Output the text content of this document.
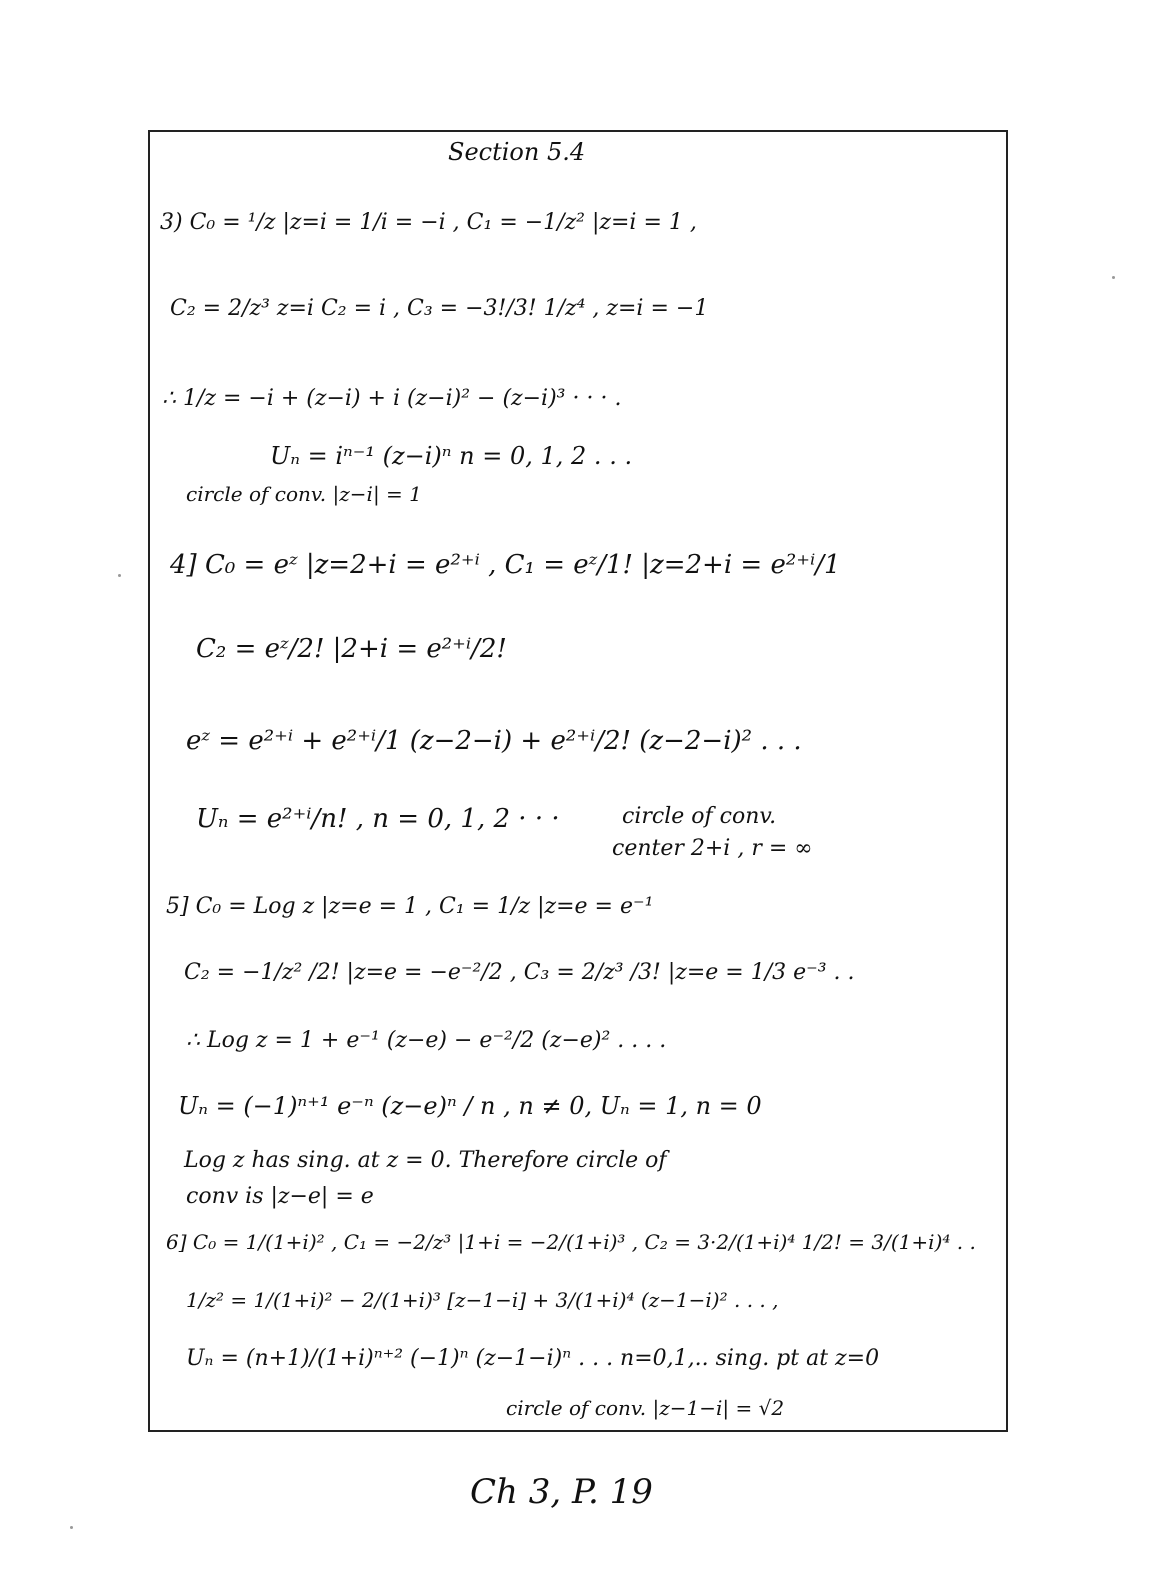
Section 5.4
3) C₀ = ¹/z |z=i = 1/i = −i , C₁ = −1/z² |z=i = 1 ,
C₂ = 2/z³ z=i C₂ = i , C₃ = −3!/3! 1/z⁴ , z=i = −1
∴ 1/z = −i + (z−i) + i (z−i)² − (z−i)³ · · · .
Uₙ = iⁿ⁻¹ (z−i)ⁿ n = 0, 1, 2 . . .
circle of conv. |z−i| = 1
4] C₀ = eᶻ |z=2+i = e²⁺ⁱ , C₁ = eᶻ/1! |z=2+i = e²⁺ⁱ/1
C₂ = eᶻ/2! |2+i = e²⁺ⁱ/2!
eᶻ = e²⁺ⁱ + e²⁺ⁱ/1 (z−2−i) + e²⁺ⁱ/2! (z−2−i)² . . .
Uₙ = e²⁺ⁱ/n! , n = 0, 1, 2 · · ·	circle of conv.
center 2+i , r = ∞
5] C₀ = Log z |z=e = 1 , C₁ = 1/z |z=e = e⁻¹
C₂ = −1/z² /2! |z=e = −e⁻²/2 , C₃ = 2/z³ /3! |z=e = 1/3 e⁻³ . .
∴ Log z = 1 + e⁻¹ (z−e) − e⁻²/2 (z−e)² . . . .
Uₙ = (−1)ⁿ⁺¹ e⁻ⁿ (z−e)ⁿ / n , n ≠ 0, Uₙ = 1, n = 0
Log z has sing. at z = 0. Therefore circle of
conv is |z−e| = e
6] C₀ = 1/(1+i)² , C₁ = −2/z³ |1+i = −2/(1+i)³ , C₂ = 3·2/(1+i)⁴ 1/2! = 3/(1+i)⁴ . .
1/z² = 1/(1+i)² − 2/(1+i)³ [z−1−i] + 3/(1+i)⁴ (z−1−i)² . . . ,
Uₙ = (n+1)/(1+i)ⁿ⁺² (−1)ⁿ (z−1−i)ⁿ . . . n=0,1,.. sing. pt at z=0
circle of conv. |z−1−i| = √2
Ch 3, P. 19
